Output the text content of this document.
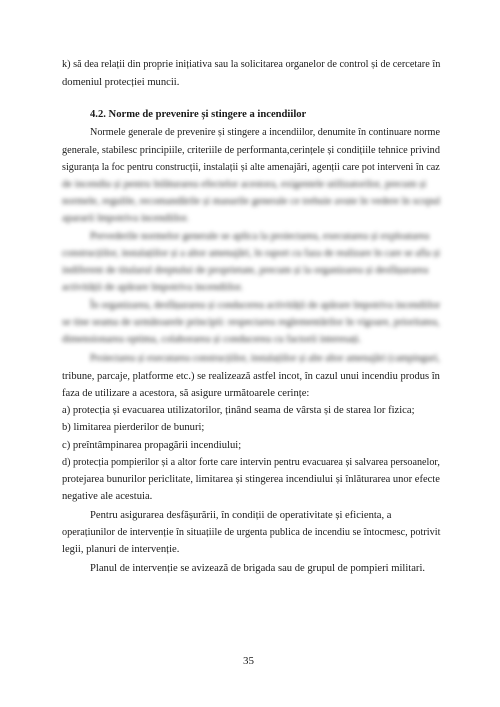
k) să dea relații din proprie inițiativa sau la solicitarea organelor de control și de cercetare în
domeniul protecției muncii.
4.2. Norme de prevenire și stingere a incendiilor
Normele generale de prevenire și stingere a incendiilor, denumite în continuare norme
generale, stabilesc principiile, criteriile de performanta,cerințele și condițiile tehnice privind
siguranța la foc pentru construcții, instalații și alte amenajări, agenții care pot interveni în caz
de incendiu și pentru înlăturarea efectelor acestora, exigentele utilizatorilor, precum și
normele, regulile, recomandările și masurile generale ce trebuie avute în vedere în scopul
apararii împotriva incendiilor.
Prevederile normelor generale se aplica la proiectarea, executarea și exploatarea
construcțiilor, instalațiilor și a altor amenajări, în raport cu faza de realizare în care se afla și
indiferent de titularul dreptului de proprietate, precum și la organizarea și desfășurarea
activității de apărare împotriva incendiilor.
În organizarea, desfășurarea și conducerea activității de apărare împotriva incendiilor
se tine seama de următoarele principii: respectarea reglementărilor în vigoare, prioritatea,
dimensionarea optima, colaborarea și conducerea cu factorii interesați.
Proiectarea și executarea construcțiilor, instalațiilor și alte altor amenajări (campinguri,
tribune, parcaje, platforme etc.) se realizează astfel incot, în cazul unui incendiu produs în
faza de utilizare a acestora, să asigure următoarele cerințe:
a) protecția și evacuarea utilizatorilor, ținând seama de vârsta și de starea lor fizica;
b) limitarea pierderilor de bunuri;
c) preîntâmpinarea propagării incendiului;
d) protecția pompierilor și a altor forte care intervin pentru evacuarea și salvarea persoanelor,
protejarea bunurilor periclitate, limitarea și stingerea incendiului și înlăturarea unor efecte
negative ale acestuia.
Pentru asigurarea desfășurării, în condiții de operativitate și eficienta, a
operațiunilor de intervenție în situațiile de urgenta publica de incendiu se întocmesc, potrivit
legii, planuri de intervenție.
Planul de intervenție se avizează de brigada sau de grupul de pompieri militari.
35
